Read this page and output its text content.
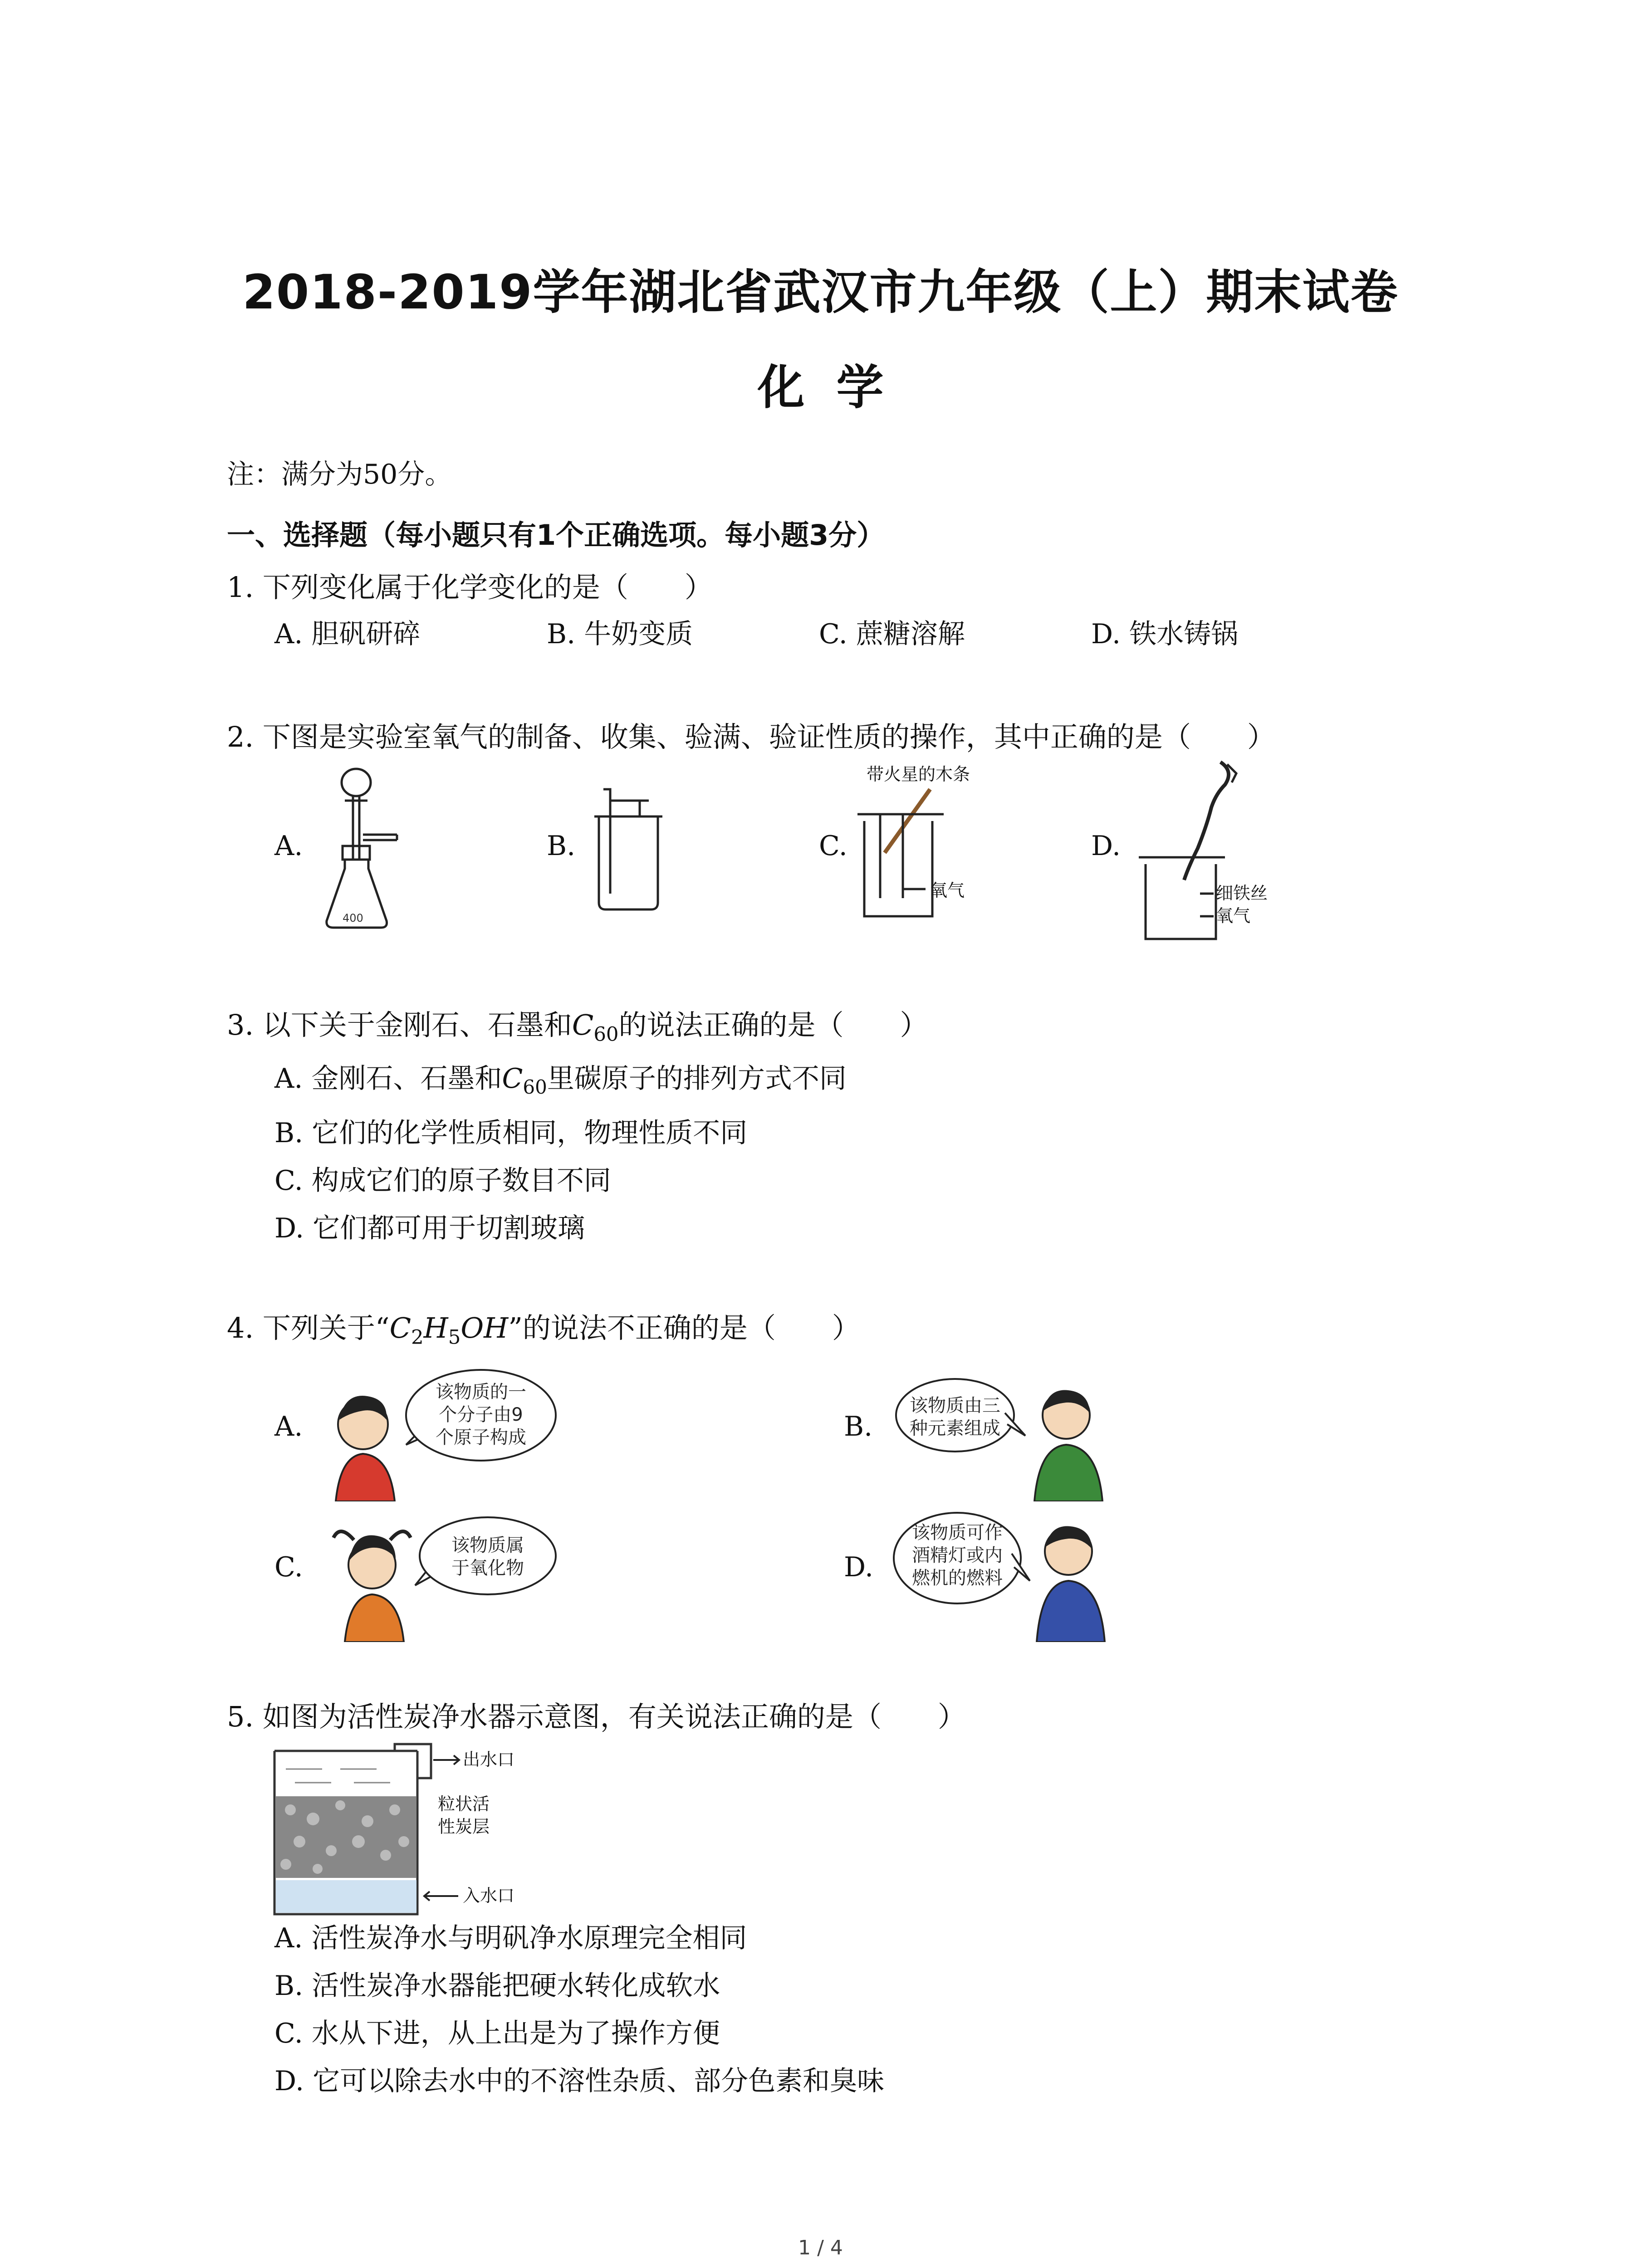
2018-2019学年湖北省武汉市九年级（上）期末试卷
化学
注：满分为50分。
一、选择题（每小题只有1个正确选项。每小题3分）
1. 下列变化属于化学变化的是（　　）
A. 胆矾研碎	B. 牛奶变质	C. 蔗糖溶解	D. 铁水铸锅
2. 下图是实验室氧气的制备、收集、验满、验证性质的操作，其中正确的是（　　）
A.	B.	C.	D.
400
带火星的木条
氧气	细铁丝
氧气
3. 以下关于金刚石、石墨和$C_{60}$的说法正确的是（　　）
A. 金刚石、石墨和$C_{60}$里碳原子的排列方式不同
B. 它们的化学性质相同，物理性质不同
C. 构成它们的原子数目不同
D. 它们都可用于切割玻璃
4. 下列关于“$C_2H_5OH$”的说法不正确的是（　　）
A.	B.
C.	D.
该物质的一
个分子由9
个原子构成
该物质由三
种元素组成
该物质属
于氧化物
该物质可作
酒精灯或内
燃机的燃料
5. 如图为活性炭净水器示意图，有关说法正确的是（　　）
出水口
粒状活
性炭层
入水口
A. 活性炭净水与明矾净水原理完全相同
B. 活性炭净水器能把硬水转化成软水
C. 水从下进，从上出是为了操作方便
D. 它可以除去水中的不溶性杂质、部分色素和臭味
1 / 4
